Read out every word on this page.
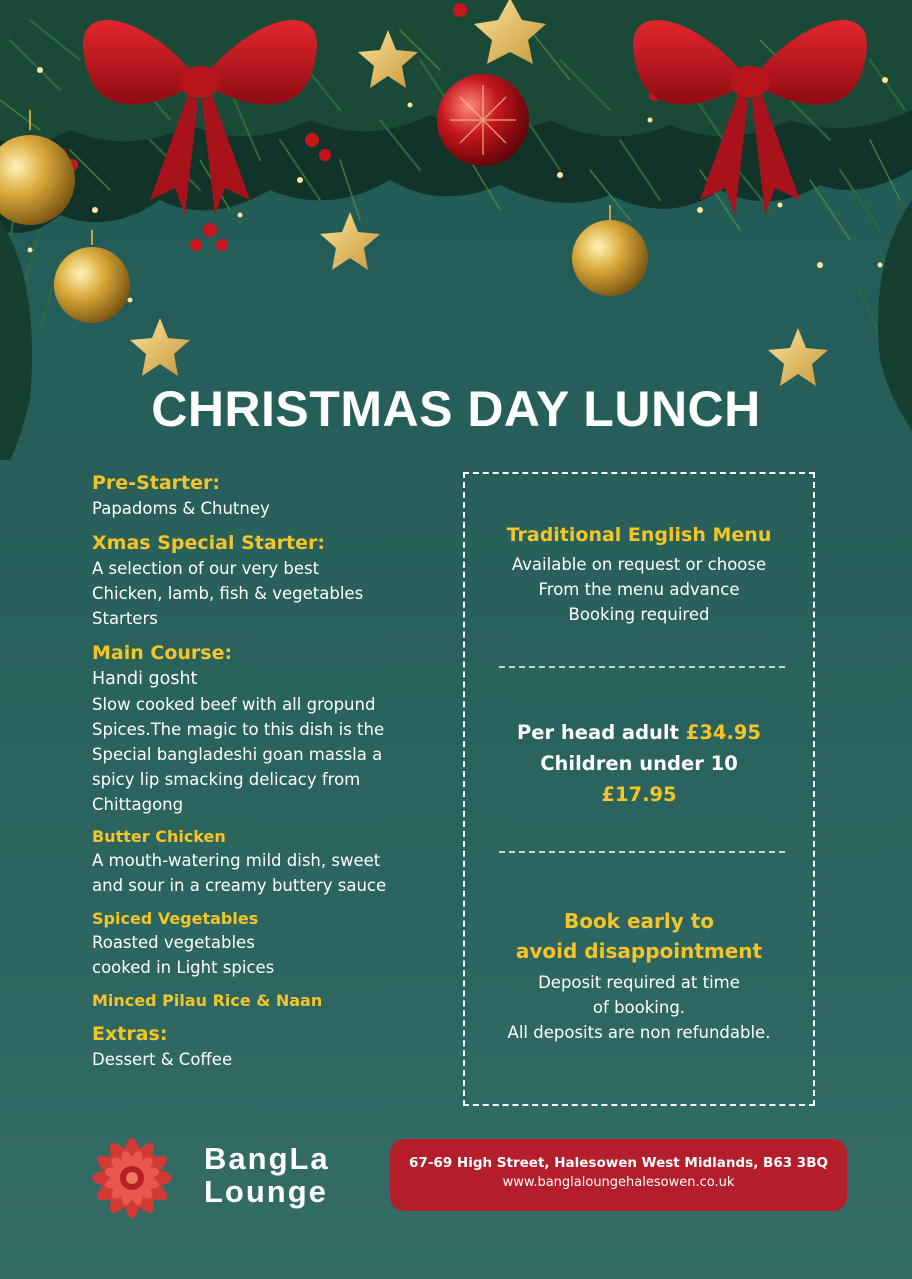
CHRISTMAS DAY LUNCH

Pre-Starter:

Papadoms & Chutney

Xmas Special Starter:

A selection of our very best

Chicken, lamb, fish & vegetables

Starters

Main Course:

Handi gosht

Slow cooked beef with all gropund

Spices.The magic to this dish is the

Special bangladeshi goan massla a

spicy lip smacking delicacy from

Chittagong

Butter Chicken

A mouth-watering mild dish, sweet

and sour in a creamy buttery sauce

Spiced Vegetables

Roasted vegetables

cooked in Light spices

Minced Pilau Rice & Naan

Extras:

Dessert & Coffee

Traditional English Menu

Available on request or choose

From the menu advance

Booking required

Per head adult £34.95

Children under 10

£17.95

Book early to

avoid disappointment

Deposit required at time

of booking.

All deposits are non refundable.

BangLa
Lounge

67-69 High Street, Halesowen West Midlands, B63 3BQ

www.banglaloungehalesowen.co.uk
